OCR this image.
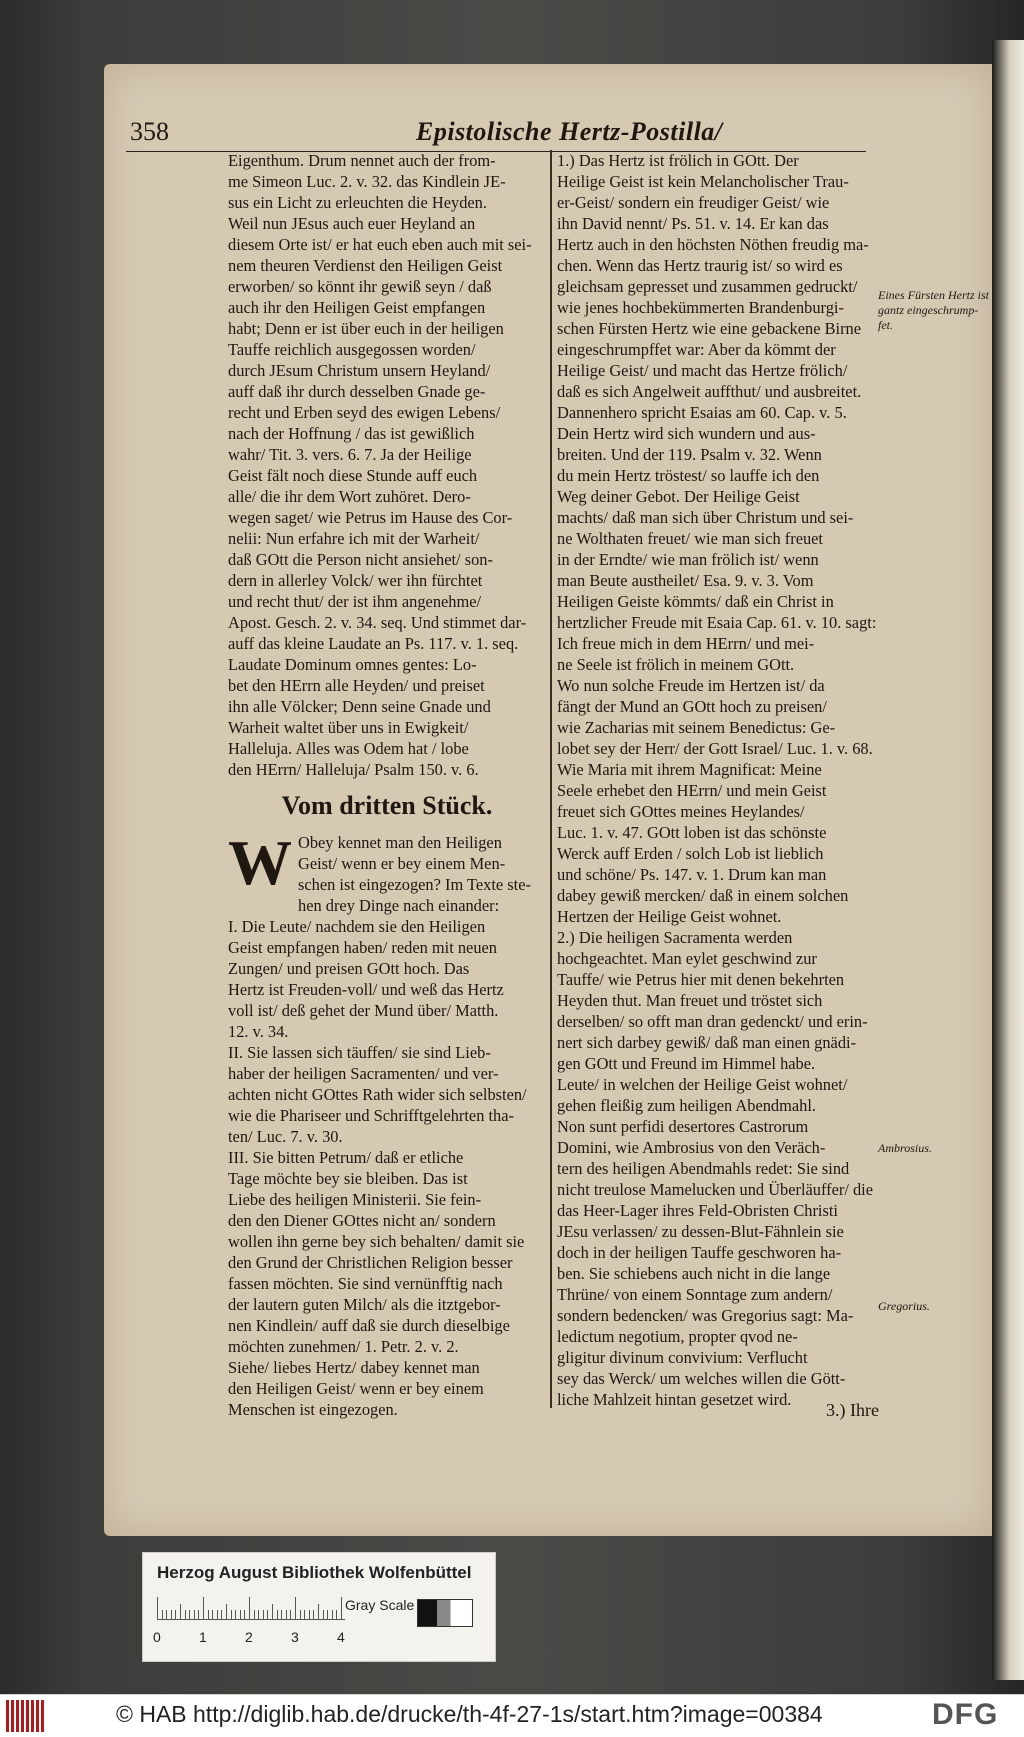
358	Epistolische Hertz-Postilla/
Eigenthum. Drum nennet auch der from-
me Simeon Luc. 2. v. 32. das Kindlein JE-
sus ein Licht zu erleuchten die Heyden.
Weil nun JEsus auch euer Heyland an
diesem Orte ist/ er hat euch eben auch mit sei-
nem theuren Verdienst den Heiligen Geist
erworben/ so könnt ihr gewiß seyn / daß
auch ihr den Heiligen Geist empfangen
habt; Denn er ist über euch in der heiligen
Tauffe reichlich ausgegossen worden/
durch JEsum Christum unsern Heyland/
auff daß ihr durch desselben Gnade ge-
recht und Erben seyd des ewigen Lebens/
nach der Hoffnung / das ist gewißlich
wahr/ Tit. 3. vers. 6. 7. Ja der Heilige
Geist fält noch diese Stunde auff euch
alle/ die ihr dem Wort zuhöret. Dero-
wegen saget/ wie Petrus im Hause des Cor-
nelii: Nun erfahre ich mit der Warheit/
daß GOtt die Person nicht ansiehet/ son-
dern in allerley Volck/ wer ihn fürchtet
und recht thut/ der ist ihm angenehme/
Apost. Gesch. 2. v. 34. seq. Und stimmet dar-
auff das kleine Laudate an Ps. 117. v. 1. seq.
Laudate Dominum omnes gentes: Lo-
bet den HErrn alle Heyden/ und preiset
ihn alle Völcker; Denn seine Gnade und
Warheit waltet über uns in Ewigkeit/
Halleluja. Alles was Odem hat / lobe
den HErrn/ Halleluja/ Psalm 150. v. 6.
Vom dritten Stück.
W Obey kennet man den Heiligen
Geist/ wenn er bey einem Men-
schen ist eingezogen? Im Texte ste-
hen drey Dinge nach einander:
I. Die Leute/ nachdem sie den Heiligen
Geist empfangen haben/ reden mit neuen
Zungen/ und preisen GOtt hoch. Das
Hertz ist Freuden-voll/ und weß das Hertz
voll ist/ deß gehet der Mund über/ Matth.
12. v. 34.
II. Sie lassen sich täuffen/ sie sind Lieb-
haber der heiligen Sacramenten/ und ver-
achten nicht GOttes Rath wider sich selbsten/
wie die Phariseer und Schrifftgelehrten tha-
ten/ Luc. 7. v. 30.
III. Sie bitten Petrum/ daß er etliche
Tage möchte bey sie bleiben. Das ist
Liebe des heiligen Ministerii. Sie fein-
den den Diener GOttes nicht an/ sondern
wollen ihn gerne bey sich behalten/ damit sie
den Grund der Christlichen Religion besser
fassen möchten. Sie sind vernünfftig nach
der lautern guten Milch/ als die itztgebor-
nen Kindlein/ auff daß sie durch dieselbige
möchten zunehmen/ 1. Petr. 2. v. 2.
Siehe/ liebes Hertz/ dabey kennet man
den Heiligen Geist/ wenn er bey einem
Menschen ist eingezogen.
1.) Das Hertz ist frölich in GOtt. Der
Heilige Geist ist kein Melancholischer Trau-
er-Geist/ sondern ein freudiger Geist/ wie
ihn David nennt/ Ps. 51. v. 14. Er kan das
Hertz auch in den höchsten Nöthen freudig ma-
chen. Wenn das Hertz traurig ist/ so wird es
gleichsam gepresset und zusammen gedruckt/
wie jenes hochbekümmerten Brandenburgi-
schen Fürsten Hertz wie eine gebackene Birne
eingeschrumpffet war: Aber da kömmt der
Heilige Geist/ und macht das Hertze frölich/
daß es sich Angelweit auffthut/ und ausbreitet.
Dannenhero spricht Esaias am 60. Cap. v. 5.
Dein Hertz wird sich wundern und aus-
breiten. Und der 119. Psalm v. 32. Wenn
du mein Hertz tröstest/ so lauffe ich den
Weg deiner Gebot. Der Heilige Geist
machts/ daß man sich über Christum und sei-
ne Wolthaten freuet/ wie man sich freuet
in der Erndte/ wie man frölich ist/ wenn
man Beute austheilet/ Esa. 9. v. 3. Vom
Heiligen Geiste kömmts/ daß ein Christ in
hertzlicher Freude mit Esaia Cap. 61. v. 10. sagt:
Ich freue mich in dem HErrn/ und mei-
ne Seele ist frölich in meinem GOtt.
Wo nun solche Freude im Hertzen ist/ da
fängt der Mund an GOtt hoch zu preisen/
wie Zacharias mit seinem Benedictus: Ge-
lobet sey der Herr/ der Gott Israel/ Luc. 1. v. 68.
Wie Maria mit ihrem Magnificat: Meine
Seele erhebet den HErrn/ und mein Geist
freuet sich GOttes meines Heylandes/
Luc. 1. v. 47. GOtt loben ist das schönste
Werck auff Erden / solch Lob ist lieblich
und schöne/ Ps. 147. v. 1. Drum kan man
dabey gewiß mercken/ daß in einem solchen
Hertzen der Heilige Geist wohnet.
2.) Die heiligen Sacramenta werden
hochgeachtet. Man eylet geschwind zur
Tauffe/ wie Petrus hier mit denen bekehrten
Heyden thut. Man freuet und tröstet sich
derselben/ so offt man dran gedenckt/ und erin-
nert sich darbey gewiß/ daß man einen gnädi-
gen GOtt und Freund im Himmel habe.
Leute/ in welchen der Heilige Geist wohnet/
gehen fleißig zum heiligen Abendmahl.
Non sunt perfidi desertores Castrorum
Domini, wie Ambrosius von den Veräch-
tern des heiligen Abendmahls redet: Sie sind
nicht treulose Mamelucken und Überläuffer/ die
das Heer-Lager ihres Feld-Obristen Christi
JEsu verlassen/ zu dessen-Blut-Fähnlein sie
doch in der heiligen Tauffe geschworen ha-
ben. Sie schiebens auch nicht in die lange
Thrüne/ von einem Sonntage zum andern/
sondern bedencken/ was Gregorius sagt: Ma-
ledictum negotium, propter qvod ne-
gligitur divinum convivium: Verflucht
sey das Werck/ um welches willen die Gött-
liche Mahlzeit hintan gesetzet wird.
Eines Fürsten Hertz ist gantz eingeschrump-fet.
Ambrosius.
Gregorius.
3.) Ihre
Herzog August Bibliothek Wolfenbüttel
0	1	2	3	4
Gray Scale
© HAB http://diglib.hab.de/drucke/th-4f-27-1s/start.htm?image=00384	DFG
